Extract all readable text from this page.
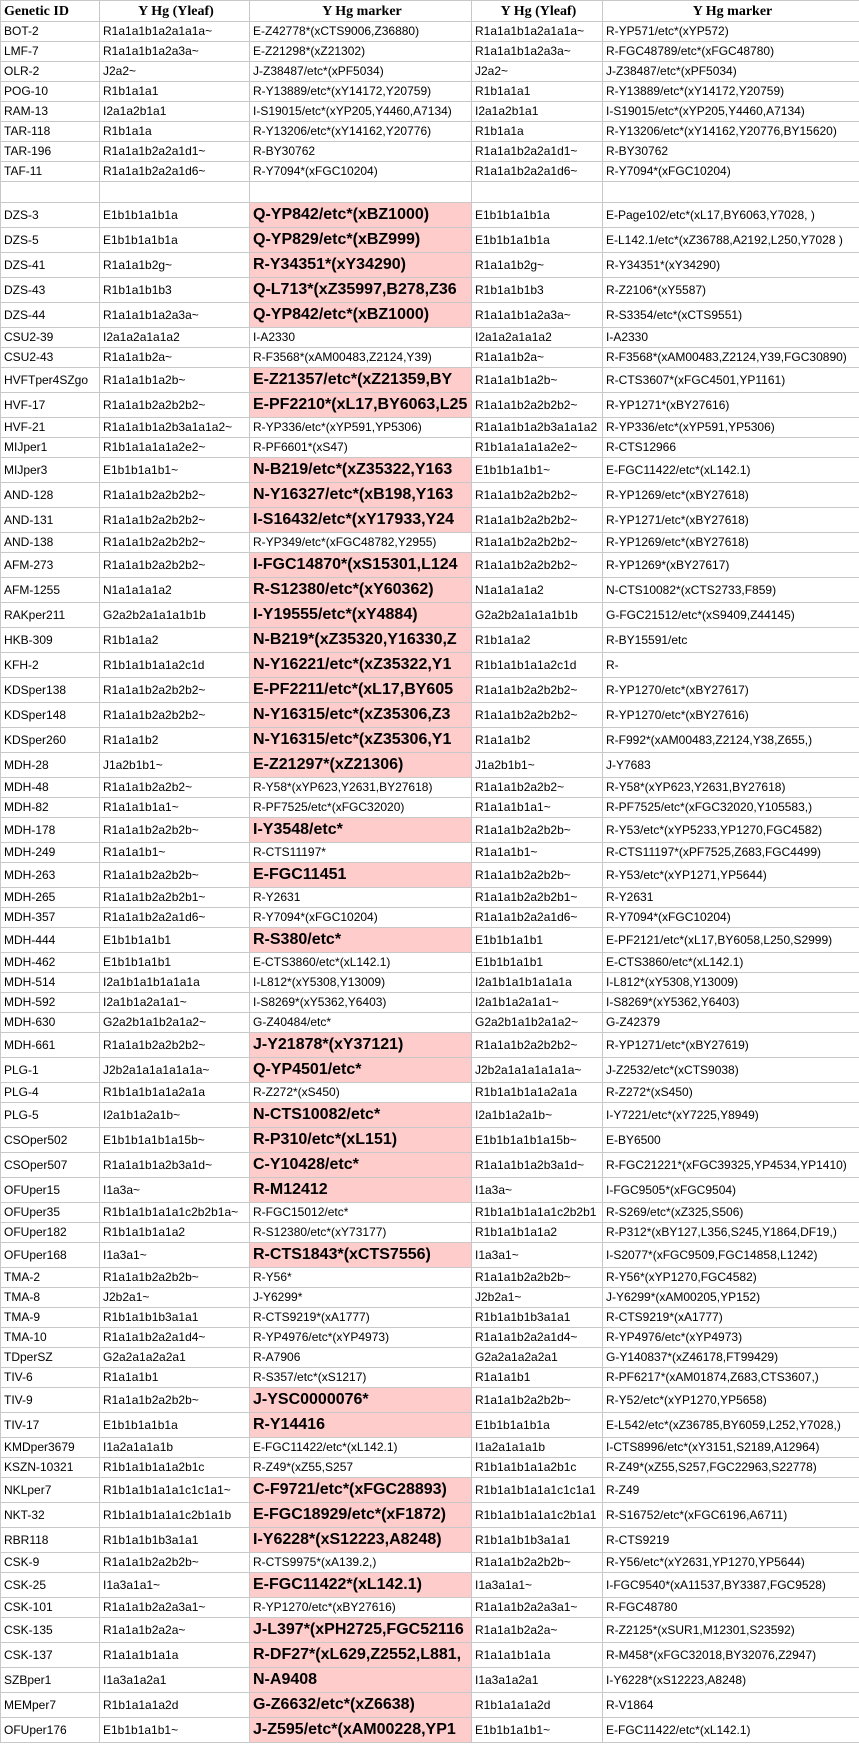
Genetic ID	Y Hg (Yleaf)	Y Hg marker	Y Hg (Yleaf)	Y Hg marker
BOT-2	R1a1a1b1a2a1a1a~	E-Z42778*(xCTS9006,Z36880)	R1a1a1b1a2a1a1a~	R-YP571/etc*(xYP572)
LMF-7	R1a1a1b1a2a3a~	E-Z21298*(xZ21302)	R1a1a1b1a2a3a~	R-FGC48789/etc*(xFGC48780)
OLR-2	J2a2~	J-Z38487/etc*(xPF5034)	J2a2~	J-Z38487/etc*(xPF5034)
POG-10	R1b1a1a1	R-Y13889/etc*(xY14172,Y20759)	R1b1a1a1	R-Y13889/etc*(xY14172,Y20759)
RAM-13	I2a1a2b1a1	I-S19015/etc*(xYP205,Y4460,A7134)	I2a1a2b1a1	I-S19015/etc*(xYP205,Y4460,A7134)
TAR-118	R1b1a1a	R-Y13206/etc*(xY14162,Y20776)	R1b1a1a	R-Y13206/etc*(xY14162,Y20776,BY15620)
TAR-196	R1a1a1b2a2a1d1~	R-BY30762	R1a1a1b2a2a1d1~	R-BY30762
TAF-11	R1a1a1b2a2a1d6~	R-Y7094*(xFGC10204)	R1a1a1b2a2a1d6~	R-Y7094*(xFGC10204)

DZS-3	E1b1b1a1b1a	Q-YP842/etc*(xBZ1000)	E1b1b1a1b1a	E-Page102/etc*(xL17,BY6063,Y7028, )
DZS-5	E1b1b1a1b1a	Q-YP829/etc*(xBZ999)	E1b1b1a1b1a	E-L142.1/etc*(xZ36788,A2192,L250,Y7028 )
DZS-41	R1a1a1b2g~	R-Y34351*(xY34290)	R1a1a1b2g~	R-Y34351*(xY34290)
DZS-43	R1b1a1b1b3	Q-L713*(xZ35997,B278,Z36	R1b1a1b1b3	R-Z2106*(xY5587)
DZS-44	R1a1a1b1a2a3a~	Q-YP842/etc*(xBZ1000)	R1a1a1b1a2a3a~	R-S3354/etc*(xCTS9551)
CSU2-39	I2a1a2a1a1a2	I-A2330	I2a1a2a1a1a2	I-A2330
CSU2-43	R1a1a1b2a~	R-F3568*(xAM00483,Z2124,Y39)	R1a1a1b2a~	R-F3568*(xAM00483,Z2124,Y39,FGC30890)
HVFTper4SZgo	R1a1a1b1a2b~	E-Z21357/etc*(xZ21359,BY	R1a1a1b1a2b~	R-CTS3607*(xFGC4501,YP1161)
HVF-17	R1a1a1b2a2b2b2~	E-PF2210*(xL17,BY6063,L25	R1a1a1b2a2b2b2~	R-YP1271*(xBY27616)
HVF-21	R1a1a1b1a2b3a1a1a2~	R-YP336/etc*(xYP591,YP5306)	R1a1a1b1a2b3a1a1a2	R-YP336/etc*(xYP591,YP5306)
MIJper1	R1b1a1a1a1a2e2~	R-PF6601*(xS47)	R1b1a1a1a1a2e2~	R-CTS12966
MIJper3	E1b1b1a1b1~	N-B219/etc*(xZ35322,Y163	E1b1b1a1b1~	E-FGC11422/etc*(xL142.1)
AND-128	R1a1a1b2a2b2b2~	N-Y16327/etc*(xB198,Y163	R1a1a1b2a2b2b2~	R-YP1269/etc*(xBY27618)
AND-131	R1a1a1b2a2b2b2~	I-S16432/etc*(xY17933,Y24	R1a1a1b2a2b2b2~	R-YP1271/etc*(xBY27618)
AND-138	R1a1a1b2a2b2b2~	R-YP349/etc*(xFGC48782,Y2955)	R1a1a1b2a2b2b2~	R-YP1269/etc*(xBY27618)
AFM-273	R1a1a1b2a2b2b2~	I-FGC14870*(xS15301,L124	R1a1a1b2a2b2b2~	R-YP1269*(xBY27617)
AFM-1255	N1a1a1a1a2	R-S12380/etc*(xY60362)	N1a1a1a1a2	N-CTS10082*(xCTS2733,F859)
RAKper211	G2a2b2a1a1a1b1b	I-Y19555/etc*(xY4884)	G2a2b2a1a1a1b1b	G-FGC21512/etc*(xS9409,Z44145)
HKB-309	R1b1a1a2	N-B219*(xZ35320,Y16330,Z	R1b1a1a2	R-BY15591/etc
KFH-2	R1b1a1b1a1a2c1d	N-Y16221/etc*(xZ35322,Y1	R1b1a1b1a1a2c1d	R-
KDSper138	R1a1a1b2a2b2b2~	E-PF2211/etc*(xL17,BY605	R1a1a1b2a2b2b2~	R-YP1270/etc*(xBY27617)
KDSper148	R1a1a1b2a2b2b2~	N-Y16315/etc*(xZ35306,Z3	R1a1a1b2a2b2b2~	R-YP1270/etc*(xBY27616)
KDSper260	R1a1a1b2	N-Y16315/etc*(xZ35306,Y1	R1a1a1b2	R-F992*(xAM00483,Z2124,Y38,Z655,)
MDH-28	J1a2b1b1~	E-Z21297*(xZ21306)	J1a2b1b1~	J-Y7683
MDH-48	R1a1a1b2a2b2~	R-Y58*(xYP623,Y2631,BY27618)	R1a1a1b2a2b2~	R-Y58*(xYP623,Y2631,BY27618)
MDH-82	R1a1a1b1a1~	R-PF7525/etc*(xFGC32020)	R1a1a1b1a1~	R-PF7525/etc*(xFGC32020,Y105583,)
MDH-178	R1a1a1b2a2b2b~	I-Y3548/etc*	R1a1a1b2a2b2b~	R-Y53/etc*(xYP5233,YP1270,FGC4582)
MDH-249	R1a1a1b1~	R-CTS11197*	R1a1a1b1~	R-CTS11197*(xPF7525,Z683,FGC4499)
MDH-263	R1a1a1b2a2b2b~	E-FGC11451	R1a1a1b2a2b2b~	R-Y53/etc*(xYP1271,YP5644)
MDH-265	R1a1a1b2a2b2b1~	R-Y2631	R1a1a1b2a2b2b1~	R-Y2631
MDH-357	R1a1a1b2a2a1d6~	R-Y7094*(xFGC10204)	R1a1a1b2a2a1d6~	R-Y7094*(xFGC10204)
MDH-444	E1b1b1a1b1	R-S380/etc*	E1b1b1a1b1	E-PF2121/etc*(xL17,BY6058,L250,S2999)
MDH-462	E1b1b1a1b1	E-CTS3860/etc*(xL142.1)	E1b1b1a1b1	E-CTS3860/etc*(xL142.1)
MDH-514	I2a1b1a1b1a1a1a	I-L812*(xY5308,Y13009)	I2a1b1a1b1a1a1a	I-L812*(xY5308,Y13009)
MDH-592	I2a1b1a2a1a1~	I-S8269*(xY5362,Y6403)	I2a1b1a2a1a1~	I-S8269*(xY5362,Y6403)
MDH-630	G2a2b1a1b2a1a2~	G-Z40484/etc*	G2a2b1a1b2a1a2~	G-Z42379
MDH-661	R1a1a1b2a2b2b2~	J-Y21878*(xY37121)	R1a1a1b2a2b2b2~	R-YP1271/etc*(xBY27619)
PLG-1	J2b2a1a1a1a1a1a~	Q-YP4501/etc*	J2b2a1a1a1a1a1a~	J-Z2532/etc*(xCTS9038)
PLG-4	R1b1a1b1a1a2a1a	R-Z272*(xS450)	R1b1a1b1a1a2a1a	R-Z272*(xS450)
PLG-5	I2a1b1a2a1b~	N-CTS10082/etc*	I2a1b1a2a1b~	I-Y7221/etc*(xY7225,Y8949)
CSOper502	E1b1b1a1b1a15b~	R-P310/etc*(xL151)	E1b1b1a1b1a15b~	E-BY6500
CSOper507	R1a1a1b1a2b3a1d~	C-Y10428/etc*	R1a1a1b1a2b3a1d~	R-FGC21221*(xFGC39325,YP4534,YP1410)
OFUper15	I1a3a~	R-M12412	I1a3a~	I-FGC9505*(xFGC9504)
OFUper35	R1b1a1b1a1a1c2b2b1a~	R-FGC15012/etc*	R1b1a1b1a1a1c2b2b1	R-S269/etc*(xZ325,S506)
OFUper182	R1b1a1b1a1a2	R-S12380/etc*(xY73177)	R1b1a1b1a1a2	R-P312*(xBY127,L356,S245,Y1864,DF19,)
OFUper168	I1a3a1~	R-CTS1843*(xCTS7556)	I1a3a1~	I-S2077*(xFGC9509,FGC14858,L1242)
TMA-2	R1a1a1b2a2b2b~	R-Y56*	R1a1a1b2a2b2b~	R-Y56*(xYP1270,FGC4582)
TMA-8	J2b2a1~	J-Y6299*	J2b2a1~	J-Y6299*(xAM00205,YP152)
TMA-9	R1b1a1b1b3a1a1	R-CTS9219*(xA1777)	R1b1a1b1b3a1a1	R-CTS9219*(xA1777)
TMA-10	R1a1a1b2a2a1d4~	R-YP4976/etc*(xYP4973)	R1a1a1b2a2a1d4~	R-YP4976/etc*(xYP4973)
TDperSZ	G2a2a1a2a2a1	R-A7906	G2a2a1a2a2a1	G-Y140837*(xZ46178,FT99429)
TIV-6	R1a1a1b1	R-S357/etc*(xS1217)	R1a1a1b1	R-PF6217*(xAM01874,Z683,CTS3607,)
TIV-9	R1a1a1b2a2b2b~	J-YSC0000076*	R1a1a1b2a2b2b~	R-Y52/etc*(xYP1270,YP5658)
TIV-17	E1b1b1a1b1a	R-Y14416	E1b1b1a1b1a	E-L542/etc*(xZ36785,BY6059,L252,Y7028,)
KMDper3679	I1a2a1a1a1b	E-FGC11422/etc*(xL142.1)	I1a2a1a1a1b	I-CTS8996/etc*(xY3151,S2189,A12964)
KSZN-10321	R1b1a1b1a1a2b1c	R-Z49*(xZ55,S257	R1b1a1b1a1a2b1c	R-Z49*(xZ55,S257,FGC22963,S22778)
NKLper7	R1b1a1b1a1a1c1c1a1~	C-F9721/etc*(xFGC28893)	R1b1a1b1a1a1c1c1a1	R-Z49
NKT-32	R1b1a1b1a1a1c2b1a1b	E-FGC18929/etc*(xF1872)	R1b1a1b1a1a1c2b1a1	R-S16752/etc*(xFGC6196,A6711)
RBR118	R1b1a1b1b3a1a1	I-Y6228*(xS12223,A8248)	R1b1a1b1b3a1a1	R-CTS9219
CSK-9	R1a1a1b2a2b2b~	R-CTS9975*(xA139.2,)	R1a1a1b2a2b2b~	R-Y56/etc*(xY2631,YP1270,YP5644)
CSK-25	I1a3a1a1~	E-FGC11422*(xL142.1)	I1a3a1a1~	I-FGC9540*(xA11537,BY3387,FGC9528)
CSK-101	R1a1a1b2a2a3a1~	R-YP1270/etc*(xBY27616)	R1a1a1b2a2a3a1~	R-FGC48780
CSK-135	R1a1a1b2a2a~	J-L397*(xPH2725,FGC52116	R1a1a1b2a2a~	R-Z2125*(xSUR1,M12301,S23592)
CSK-137	R1a1a1b1a1a	R-DF27*(xL629,Z2552,L881,	R1a1a1b1a1a	R-M458*(xFGC32018,BY32076,Z2947)
SZBper1	I1a3a1a2a1	N-A9408	I1a3a1a2a1	I-Y6228*(xS12223,A8248)
MEMper7	R1b1a1a1a2d	G-Z6632/etc*(xZ6638)	R1b1a1a1a2d	R-V1864
OFUper176	E1b1b1a1b1~	J-Z595/etc*(xAM00228,YP1	E1b1b1a1b1~	E-FGC11422/etc*(xL142.1)
